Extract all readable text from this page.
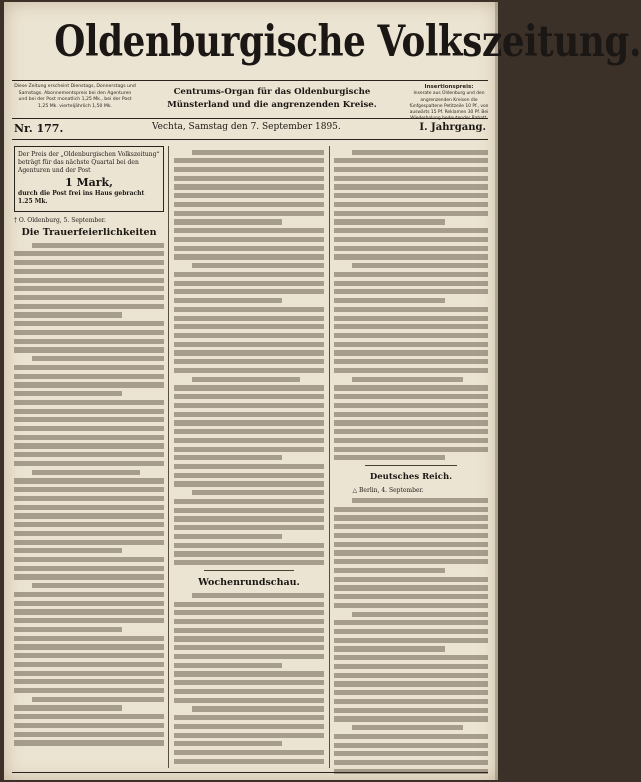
Oldenburgische Volkszeitung.
Diese Zeitung erscheint Dienstags, Donnerstags und Samstags. Abonnementspreis bei den Agenturen und bei der Post monatlich 1,25 Mk., bei der Post 1,25 Mk. vierteljährlich 1,50 Mk.
Centrums-Organ für das Oldenburgische Münsterland und die angrenzenden Kreise.
Insertionspreis:
Inserate aus Oldenburg und den angrenzenden Kreisen die fünfgespaltene Petitzeile 10 Pf., von auswärts 15 Pf. Reklamen 30 Pf. Bei Wiederholung bedeutender Rabatt.
Nr. 177.	Vechta, Samstag den 7. September 1895.	I. Jahrgang.
Der Preis der „Oldenburgischen Volkszeitung“ beträgt für das nächste Quartal bei den Agenturen und der Post
1 Mark,
durch die Post frei ins Haus gebracht 1.25 Mk.
† O. Oldenburg, 5. September.
Die Trauerfeierlichkeiten
Wochenrundschau.
Deutsches Reich.
△ Berlin, 4. September.
